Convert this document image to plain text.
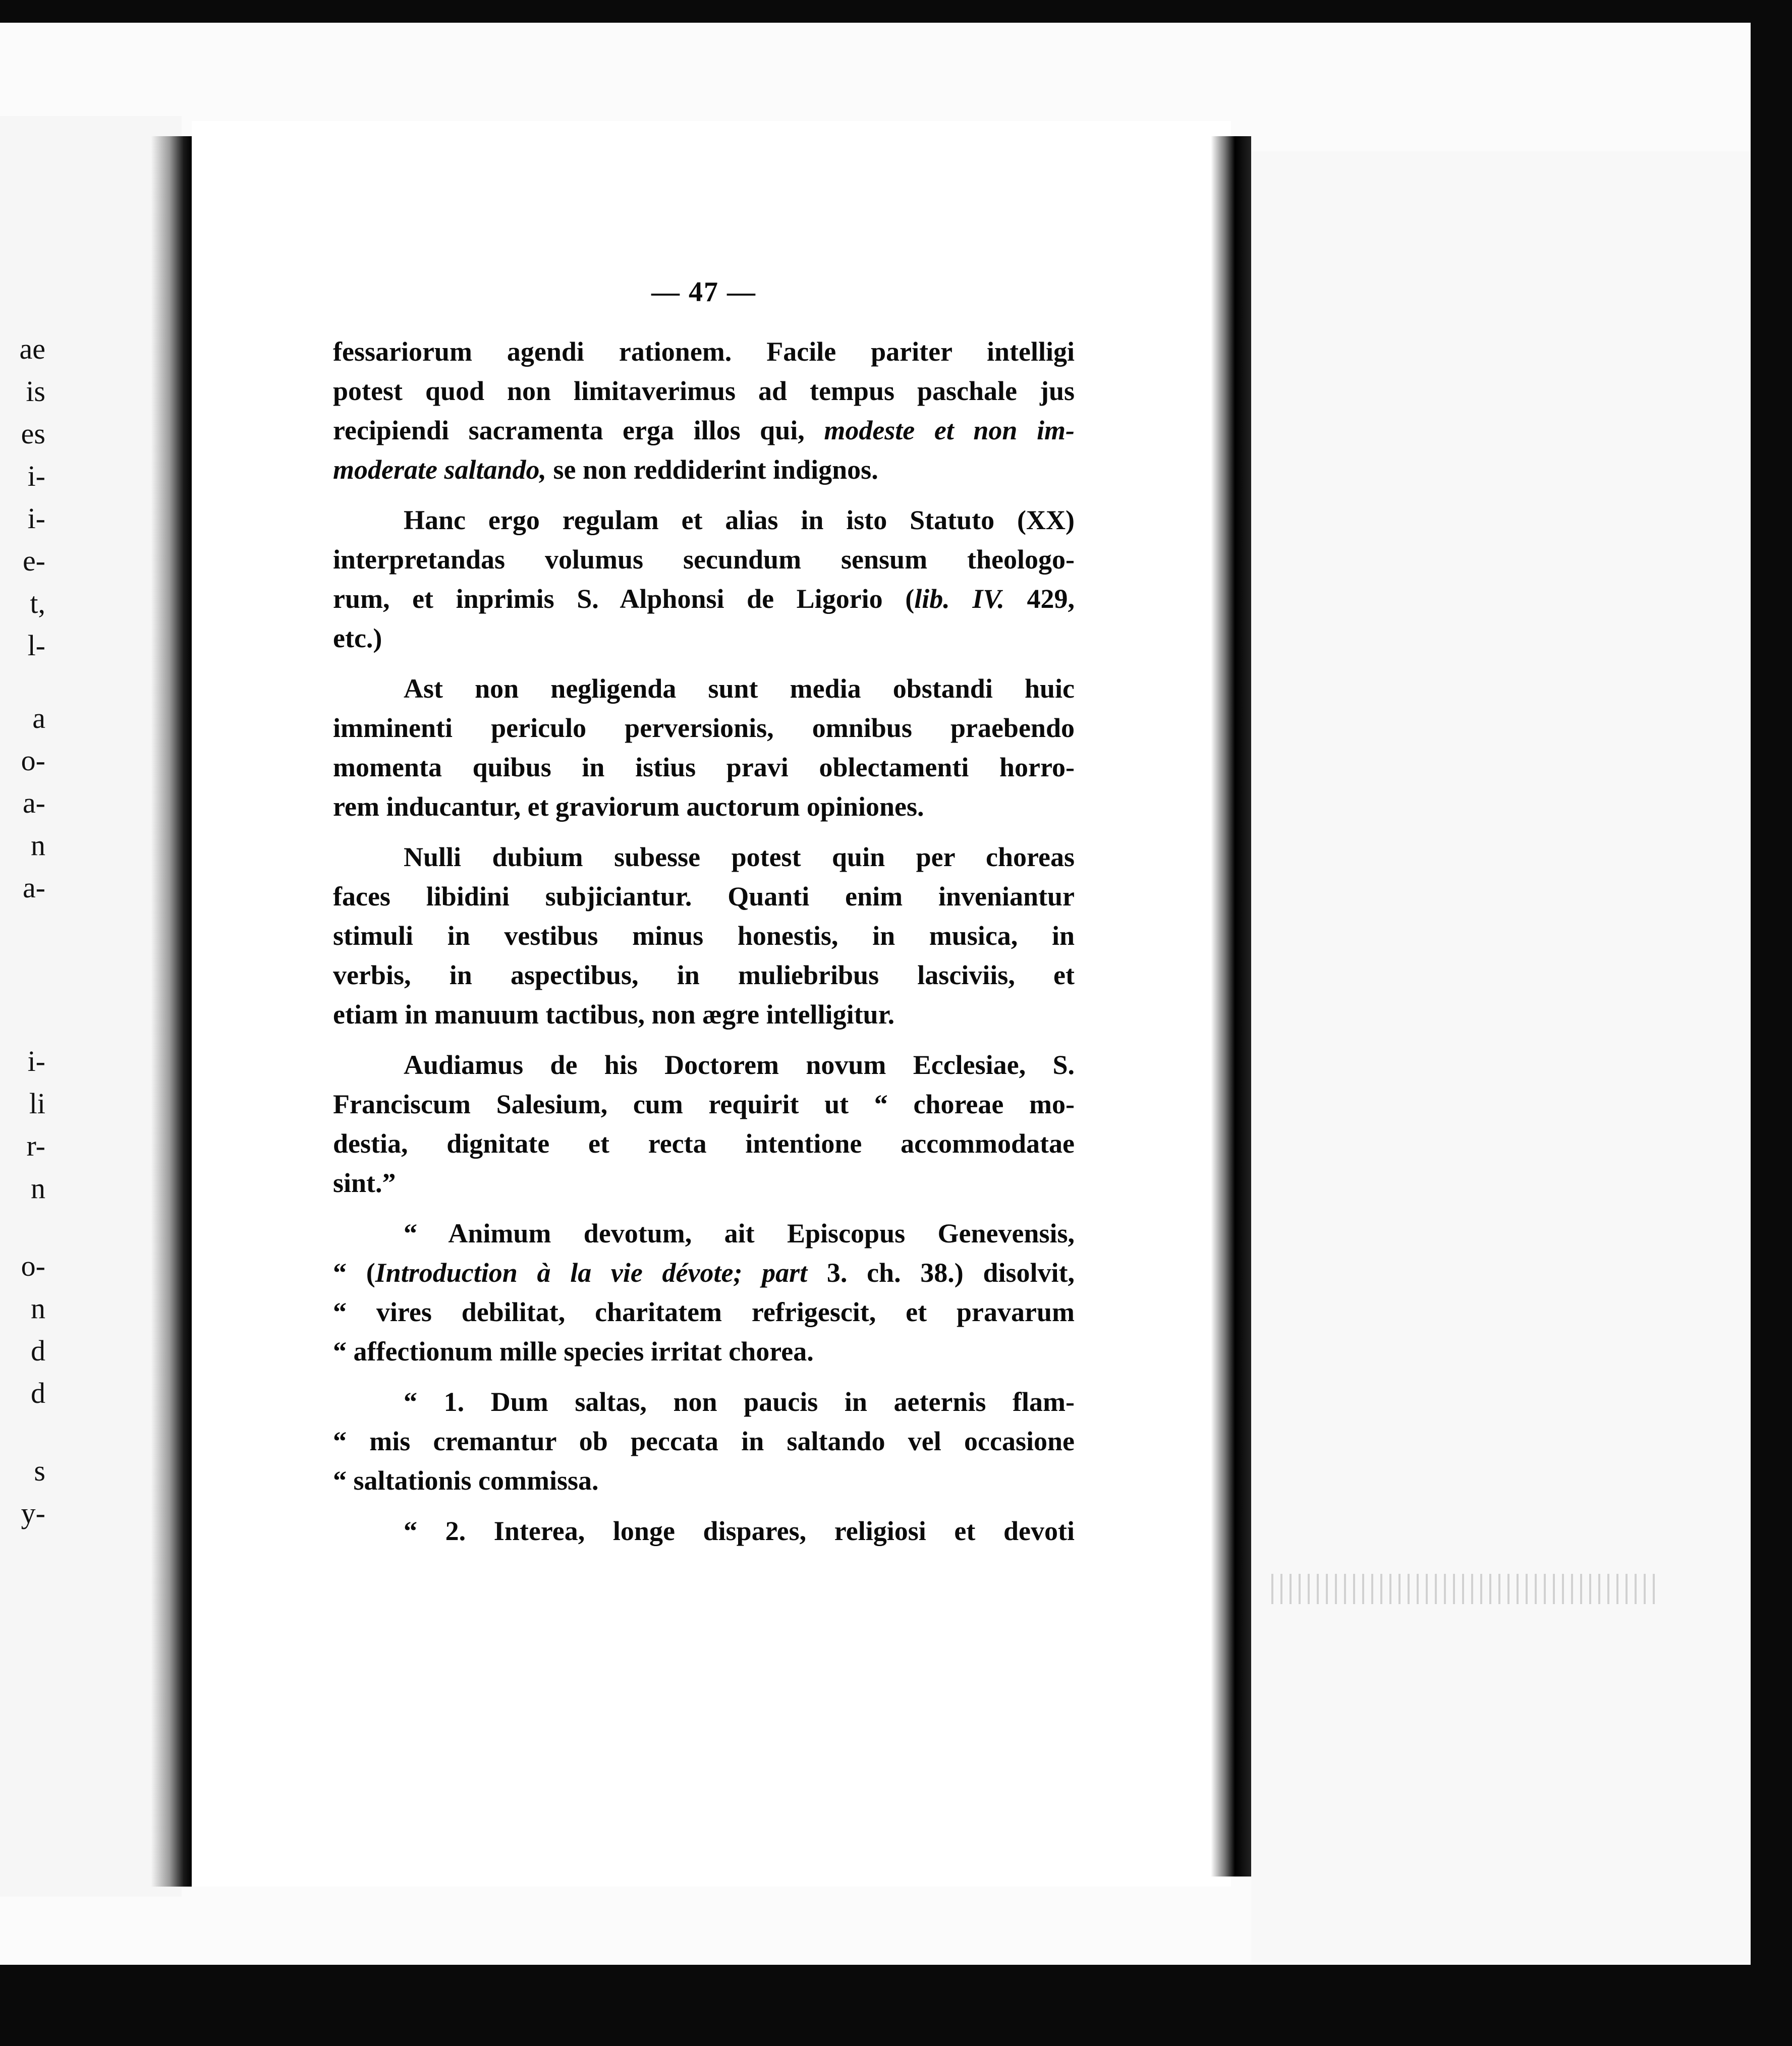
ae
is
es
i-
i-
e-
t,
l-
a
o-
a-
n
a-
i-
li
r-
n
o-
n
d
d
s
y-
— 47 —
fessariorum agendi rationem. Facile pariter intelligi
potest quod non limitaverimus ad tempus paschale jus
recipiendi sacramenta erga illos qui, modeste et non im-
moderate saltando, se non reddiderint indignos.
Hanc ergo regulam et alias in isto Statuto (XX)
interpretandas volumus secundum sensum theologo-
rum, et inprimis S. Alphonsi de Ligorio (lib. IV. 429,
etc.)
Ast non negligenda sunt media obstandi huic
imminenti periculo perversionis, omnibus praebendo
momenta quibus in istius pravi oblectamenti horro-
rem inducantur, et graviorum auctorum opiniones.
Nulli dubium subesse potest quin per choreas
faces libidini subjiciantur. Quanti enim inveniantur
stimuli in vestibus minus honestis, in musica, in
verbis, in aspectibus, in muliebribus lasciviis, et
etiam in manuum tactibus, non ægre intelligitur.
Audiamus de his Doctorem novum Ecclesiae, S.
Franciscum Salesium, cum requirit ut “ choreae mo-
destia, dignitate et recta intentione accommodatae
sint.”
“ Animum devotum, ait Episcopus Genevensis,
“ (Introduction à la vie dévote; part 3. ch. 38.) disolvit,
“ vires debilitat, charitatem refrigescit, et pravarum
“ affectionum mille species irritat chorea.
“ 1. Dum saltas, non paucis in aeternis flam-
“ mis cremantur ob peccata in saltando vel occasione
“ saltationis commissa.
“ 2. Interea, longe dispares, religiosi et devoti
